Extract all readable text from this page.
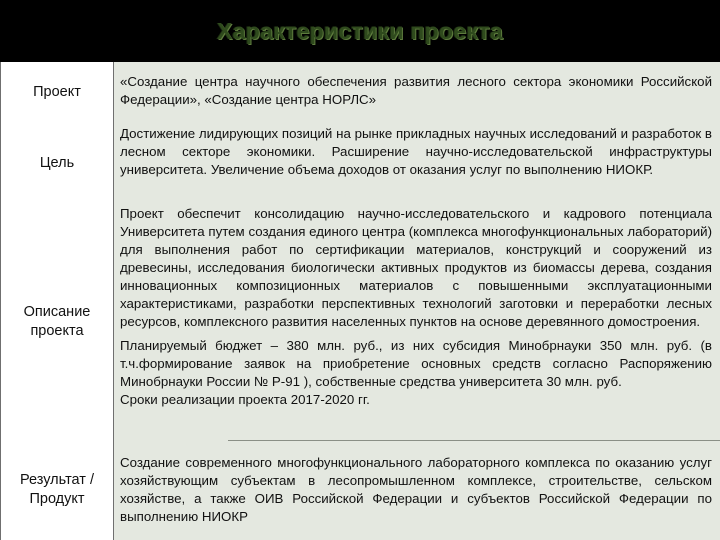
Характеристики проекта
Проект

«Создание центра научного обеспечения развития лесного сектора экономики Российской Федерации», «Создание центра НОРЛС»

Цель

Достижение лидирующих позиций на рынке прикладных научных исследований и разработок в лесном секторе экономики. Расширение научно-исследовательской инфраструктуры университета. Увеличение объема доходов от оказания услуг по выполнению НИОКР.

Описание проекта

Проект обеспечит консолидацию научно-исследовательского и кадрового потенциала Университета путем создания единого центра (комплекса многофункциональных лабораторий) для выполнения работ по сертификации материалов, конструкций и сооружений из древесины, исследования биологически активных продуктов из биомассы дерева, создания инновационных композиционных материалов с повышенными эксплуатационными характеристиками, разработки перспективных технологий заготовки и переработки лесных ресурсов, комплексного развития населенных пунктов на основе деревянного домостроения.

Планируемый бюджет – 380 млн. руб., из них субсидия Минобрнауки 350 млн. руб. (в т.ч.формирование заявок на приобретение основных средств согласно Распоряжению Минобрнауки России № Р-91 ), собственные средства университета 30 млн. руб.

Сроки реализации проекта 2017-2020 гг.

Результат / Продукт

Создание современного многофункционального лабораторного комплекса по оказанию услуг хозяйствующим субъектам в лесопромышленном комплексе, строительстве, сельском хозяйстве, а также ОИВ Российской Федерации и субъектов Российской Федерации по выполнению НИОКР
